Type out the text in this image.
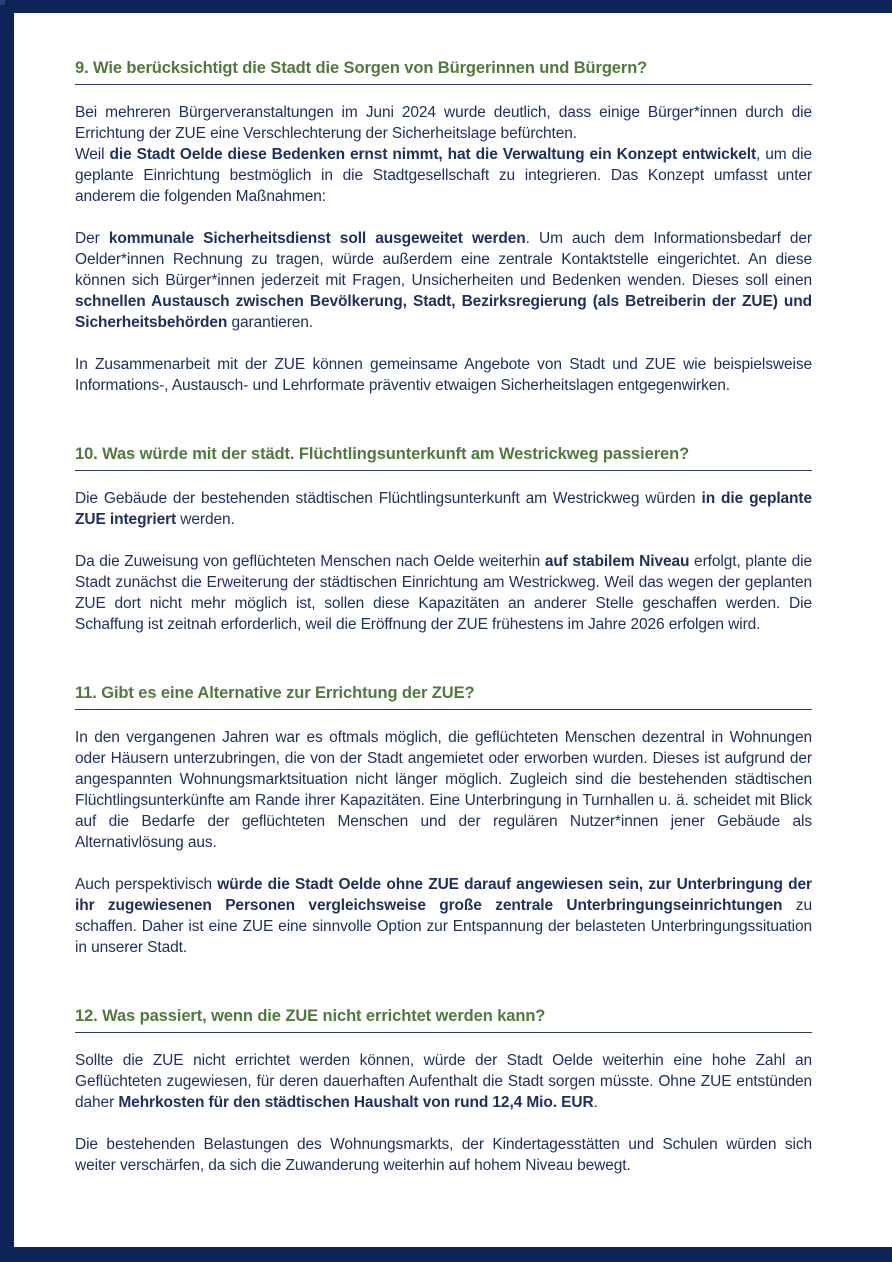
9. Wie berücksichtigt die Stadt die Sorgen von Bürgerinnen und Bürgern?

Bei mehreren Bürgerveranstaltungen im Juni 2024 wurde deutlich, dass einige Bürger*innen durch die Errichtung der ZUE eine Verschlechterung der Sicherheitslage befürchten.

Weil die Stadt Oelde diese Bedenken ernst nimmt, hat die Verwaltung ein Konzept entwickelt, um die geplante Einrichtung bestmöglich in die Stadtgesellschaft zu integrieren. Das Konzept umfasst unter anderem die folgenden Maßnahmen:

Der kommunale Sicherheitsdienst soll ausgeweitet werden. Um auch dem Informationsbedarf der Oelder*innen Rechnung zu tragen, würde außerdem eine zentrale Kontaktstelle eingerichtet. An diese können sich Bürger*innen jederzeit mit Fragen, Unsicherheiten und Bedenken wenden. Dieses soll einen schnellen Austausch zwischen Bevölkerung, Stadt, Bezirksregierung (als Betreiberin der ZUE) und Sicherheitsbehörden garantieren.

In Zusammenarbeit mit der ZUE können gemeinsame Angebote von Stadt und ZUE wie beispielsweise Informations-, Austausch- und Lehrformate präventiv etwaigen Sicherheitslagen entgegenwirken.

10. Was würde mit der städt. Flüchtlingsunterkunft am Westrickweg passieren?

Die Gebäude der bestehenden städtischen Flüchtlingsunterkunft am Westrickweg würden in die geplante ZUE integriert werden.

Da die Zuweisung von geflüchteten Menschen nach Oelde weiterhin auf stabilem Niveau erfolgt, plante die Stadt zunächst die Erweiterung der städtischen Einrichtung am Westrickweg. Weil das wegen der geplanten ZUE dort nicht mehr möglich ist, sollen diese Kapazitäten an anderer Stelle geschaffen werden. Die Schaffung ist zeitnah erforderlich, weil die Eröffnung der ZUE frühestens im Jahre 2026 erfolgen wird.

11. Gibt es eine Alternative zur Errichtung der ZUE?

In den vergangenen Jahren war es oftmals möglich, die geflüchteten Menschen dezentral in Wohnungen oder Häusern unterzubringen, die von der Stadt angemietet oder erworben wurden. Dieses ist aufgrund der angespannten Wohnungsmarktsituation nicht länger möglich. Zugleich sind die bestehenden städtischen Flüchtlingsunterkünfte am Rande ihrer Kapazitäten. Eine Unterbringung in Turnhallen u. ä. scheidet mit Blick auf die Bedarfe der geflüchteten Menschen und der regulären Nutzer*innen jener Gebäude als Alternativlösung aus.

Auch perspektivisch würde die Stadt Oelde ohne ZUE darauf angewiesen sein, zur Unterbringung der ihr zugewiesenen Personen vergleichsweise große zentrale Unterbringungseinrichtungen zu schaffen. Daher ist eine ZUE eine sinnvolle Option zur Entspannung der belasteten Unterbringungssituation in unserer Stadt.

12. Was passiert, wenn die ZUE nicht errichtet werden kann?

Sollte die ZUE nicht errichtet werden können, würde der Stadt Oelde weiterhin eine hohe Zahl an Geflüchteten zugewiesen, für deren dauerhaften Aufenthalt die Stadt sorgen müsste. Ohne ZUE entstünden daher Mehrkosten für den städtischen Haushalt von rund 12,4 Mio. EUR.

Die bestehenden Belastungen des Wohnungsmarkts, der Kindertagesstätten und Schulen würden sich weiter verschärfen, da sich die Zuwanderung weiterhin auf hohem Niveau bewegt.
